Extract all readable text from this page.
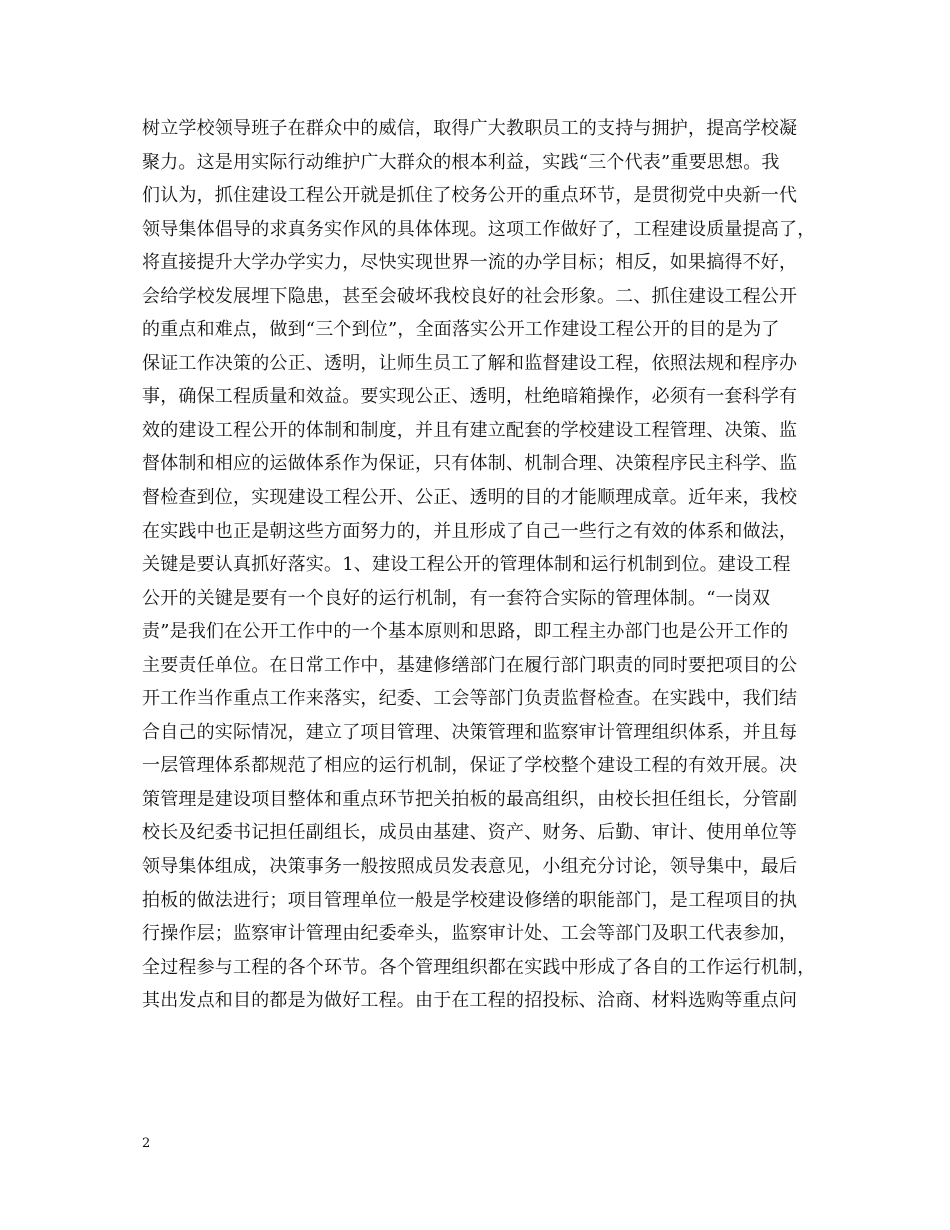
树立学校领导班子在群众中的威信，取得广大教职员工的支持与拥护，提高学校凝
聚力。这是用实际行动维护广大群众的根本利益，实践“三个代表”重要思想。我
们认为，抓住建设工程公开就是抓住了校务公开的重点环节，是贯彻党中央新一代
领导集体倡导的求真务实作风的具体体现。这项工作做好了，工程建设质量提高了，
将直接提升大学办学实力，尽快实现世界一流的办学目标；相反，如果搞得不好，
会给学校发展埋下隐患，甚至会破坏我校良好的社会形象。二、抓住建设工程公开
的重点和难点，做到“三个到位”，全面落实公开工作建设工程公开的目的是为了
保证工作决策的公正、透明，让师生员工了解和监督建设工程，依照法规和程序办
事，确保工程质量和效益。要实现公正、透明，杜绝暗箱操作，必须有一套科学有
效的建设工程公开的体制和制度，并且有建立配套的学校建设工程管理、决策、监
督体制和相应的运做体系作为保证，只有体制、机制合理、决策程序民主科学、监
督检查到位，实现建设工程公开、公正、透明的目的才能顺理成章。近年来，我校
在实践中也正是朝这些方面努力的，并且形成了自己一些行之有效的体系和做法，
关键是要认真抓好落实。1、建设工程公开的管理体制和运行机制到位。建设工程
公开的关键是要有一个良好的运行机制，有一套符合实际的管理体制。“一岗双
责”是我们在公开工作中的一个基本原则和思路，即工程主办部门也是公开工作的
主要责任单位。在日常工作中，基建修缮部门在履行部门职责的同时要把项目的公
开工作当作重点工作来落实，纪委、工会等部门负责监督检查。在实践中，我们结
合自己的实际情况，建立了项目管理、决策管理和监察审计管理组织体系，并且每
一层管理体系都规范了相应的运行机制，保证了学校整个建设工程的有效开展。决
策管理是建设项目整体和重点环节把关拍板的最高组织，由校长担任组长，分管副
校长及纪委书记担任副组长，成员由基建、资产、财务、后勤、审计、使用单位等
领导集体组成，决策事务一般按照成员发表意见，小组充分讨论，领导集中，最后
拍板的做法进行；项目管理单位一般是学校建设修缮的职能部门，是工程项目的执
行操作层；监察审计管理由纪委牵头，监察审计处、工会等部门及职工代表参加，
全过程参与工程的各个环节。各个管理组织都在实践中形成了各自的工作运行机制，
其出发点和目的都是为做好工程。由于在工程的招投标、洽商、材料选购等重点问
2
